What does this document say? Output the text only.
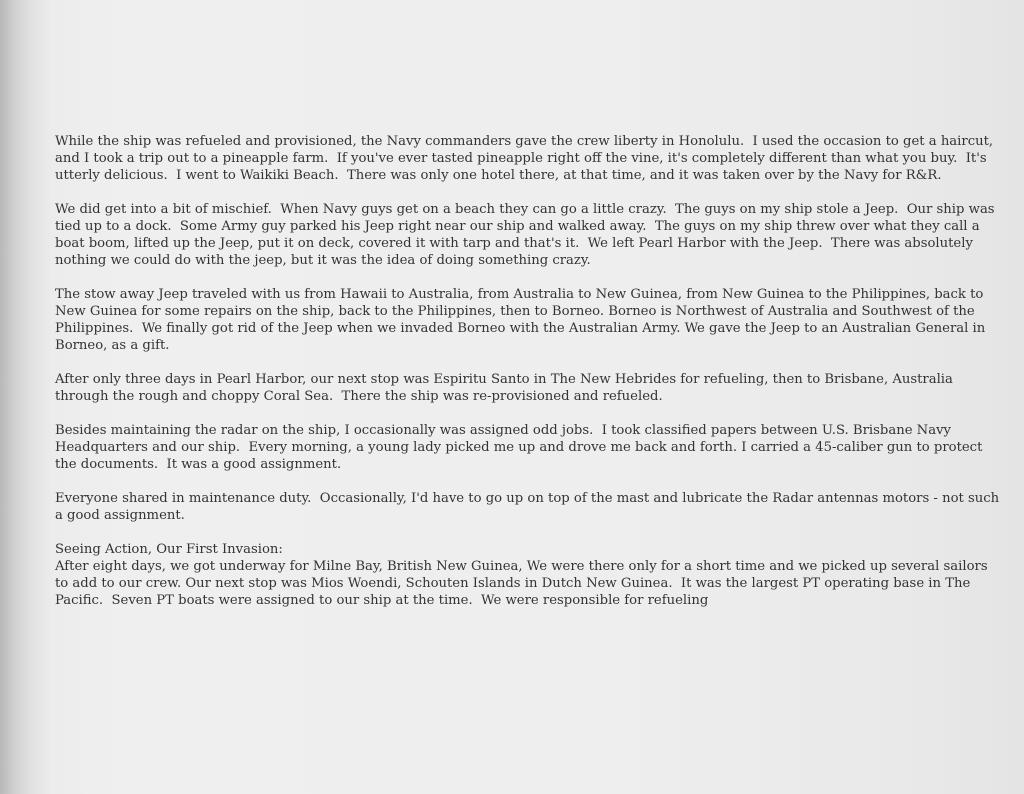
While the ship was refueled and provisioned, the Navy commanders gave the crew liberty in Honolulu.  I used the occasion to get a haircut, and I took a trip out to a pineapple farm.  If you've ever tasted pineapple right off the vine, it's completely different than what you buy.  It's utterly delicious.  I went to Waikiki Beach.  There was only one hotel there, at that time, and it was taken over by the Navy for R&R.

We did get into a bit of mischief.  When Navy guys get on a beach they can go a little crazy.  The guys on my ship stole a Jeep.  Our ship was tied up to a dock.  Some Army guy parked his Jeep right near our ship and walked away.  The guys on my ship threw over what they call a boat boom, lifted up the Jeep, put it on deck, covered it with tarp and that's it.  We left Pearl Harbor with the Jeep.  There was absolutely nothing we could do with the jeep, but it was the idea of doing something crazy.

The stow away Jeep traveled with us from Hawaii to Australia, from Australia to New Guinea, from New Guinea to the Philippines, back to New Guinea for some repairs on the ship, back to the Philippines, then to Borneo. Borneo is Northwest of Australia and Southwest of the Philippines.  We finally got rid of the Jeep when we invaded Borneo with the Australian Army. We gave the Jeep to an Australian General in Borneo, as a gift.

After only three days in Pearl Harbor, our next stop was Espiritu Santo in The New Hebrides for refueling, then to Brisbane, Australia through the rough and choppy Coral Sea.  There the ship was re-provisioned and refueled.

Besides maintaining the radar on the ship, I occasionally was assigned odd jobs.  I took classified papers between U.S. Brisbane Navy Headquarters and our ship.  Every morning, a young lady picked me up and drove me back and forth. I carried a 45-caliber gun to protect the documents.  It was a good assignment.

Everyone shared in maintenance duty.  Occasionally, I'd have to go up on top of the mast and lubricate the Radar antennas motors - not such a good assignment.

Seeing Action, Our First Invasion:

After eight days, we got underway for Milne Bay, British New Guinea, We were there only for a short time and we picked up several sailors  to add to our crew. Our next stop was Mios Woendi, Schouten Islands in Dutch New Guinea.  It was the largest PT operating base in The Pacific.  Seven PT boats were assigned to our ship at the time.  We were responsible for refueling
